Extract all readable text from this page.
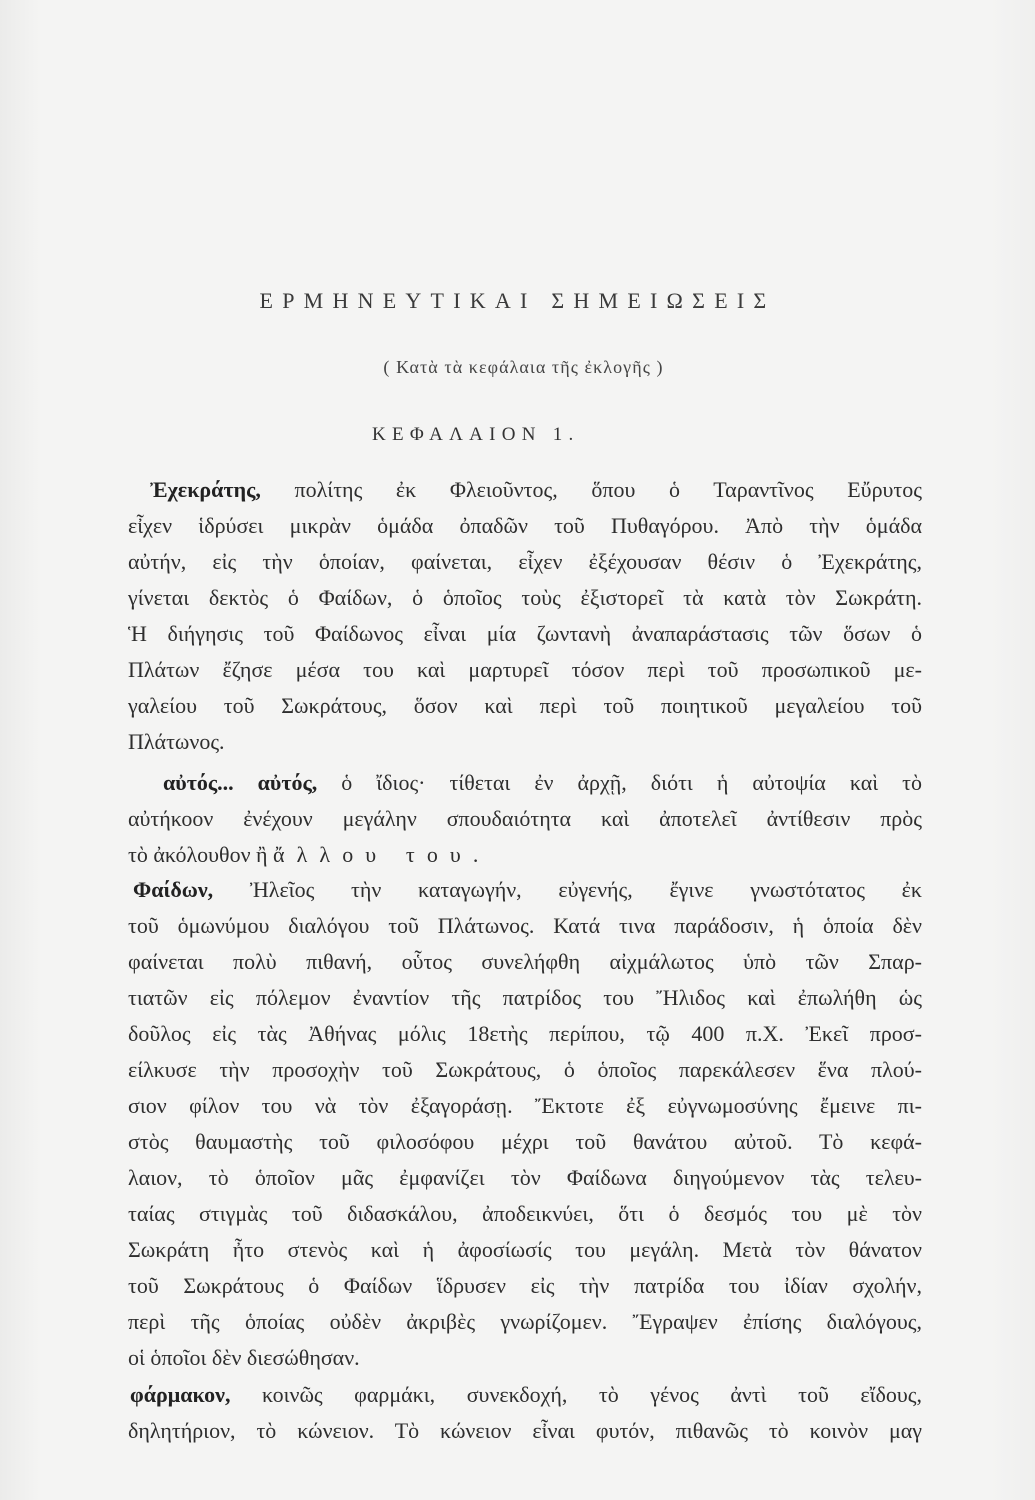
ΕΡΜΗΝΕΥΤΙΚΑΙ ΣΗΜΕΙΩΣΕΙΣ
( Κατὰ τὰ κεφάλαια τῆς ἐκλογῆς )
ΚΕΦΑΛΑΙΟΝ 1.
Ἐχεκράτης, πολίτης ἐκ Φλειοῦντος, ὅπου ὁ Ταραντῖνος Εὔρυτος
εἶχεν ἱδρύσει μικρὰν ὁμάδα ὀπαδῶν τοῦ Πυθαγόρου. Ἀπὸ τὴν ὁμάδα
αὐτήν, εἰς τὴν ὁποίαν, φαίνεται, εἶχεν ἐξέχουσαν θέσιν ὁ Ἐχεκράτης,
γίνεται δεκτὸς ὁ Φαίδων, ὁ ὁποῖος τοὺς ἐξιστορεῖ τὰ κατὰ τὸν Σωκράτη.
Ἡ διήγησις τοῦ Φαίδωνος εἶναι μία ζωντανὴ ἀναπαράστασις τῶν ὅσων ὁ
Πλάτων ἔζησε μέσα του καὶ μαρτυρεῖ τόσον περὶ τοῦ προσωπικοῦ με-
γαλείου τοῦ Σωκράτους, ὅσον καὶ περὶ τοῦ ποιητικοῦ μεγαλείου τοῦ
Πλάτωνος.
αὐτός... αὐτός, ὁ ἴδιος· τίθεται ἐν ἀρχῇ, διότι ἡ αὐτοψία καὶ τὸ
αὐτήκοον ἐνέχουν μεγάλην σπουδαιότητα καὶ ἀποτελεῖ ἀντίθεσιν πρὸς
τὸ ἀκόλουθον ἢ ἄλλου του.
Φαίδων, Ἠλεῖος τὴν καταγωγήν, εὐγενής, ἔγινε γνωστότατος ἐκ
τοῦ ὁμωνύμου διαλόγου τοῦ Πλάτωνος. Κατά τινα παράδοσιν, ἡ ὁποία δὲν
φαίνεται πολὺ πιθανή, οὗτος συνελήφθη αἰχμάλωτος ὑπὸ τῶν Σπαρ-
τιατῶν εἰς πόλεμον ἐναντίον τῆς πατρίδος του Ἤλιδος καὶ ἐπωλήθη ὡς
δοῦλος εἰς τὰς Ἀθήνας μόλις 18ετὴς περίπου, τῷ 400 π.Χ. Ἐκεῖ προσ-
είλκυσε τὴν προσοχὴν τοῦ Σωκράτους, ὁ ὁποῖος παρεκάλεσεν ἕνα πλού-
σιον φίλον του νὰ τὸν ἐξαγοράσῃ. Ἔκτοτε ἐξ εὐγνωμοσύνης ἔμεινε πι-
στὸς θαυμαστὴς τοῦ φιλοσόφου μέχρι τοῦ θανάτου αὐτοῦ. Τὸ κεφά-
λαιον, τὸ ὁποῖον μᾶς ἐμφανίζει τὸν Φαίδωνα διηγούμενον τὰς τελευ-
ταίας στιγμὰς τοῦ διδασκάλου, ἀποδεικνύει, ὅτι ὁ δεσμός του μὲ τὸν
Σωκράτη ἦτο στενὸς καὶ ἡ ἀφοσίωσίς του μεγάλη. Μετὰ τὸν θάνατον
τοῦ Σωκράτους ὁ Φαίδων ἵδρυσεν εἰς τὴν πατρίδα του ἰδίαν σχολήν,
περὶ τῆς ὁποίας οὐδὲν ἀκριβὲς γνωρίζομεν. Ἔγραψεν ἐπίσης διαλόγους,
οἱ ὁποῖοι δὲν διεσώθησαν.
φάρμακον, κοινῶς φαρμάκι, συνεκδοχή, τὸ γένος ἀντὶ τοῦ εἴδους,
δηλητήριον, τὸ κώνειον. Τὸ κώνειον εἶναι φυτόν, πιθανῶς τὸ κοινὸν μαγ
